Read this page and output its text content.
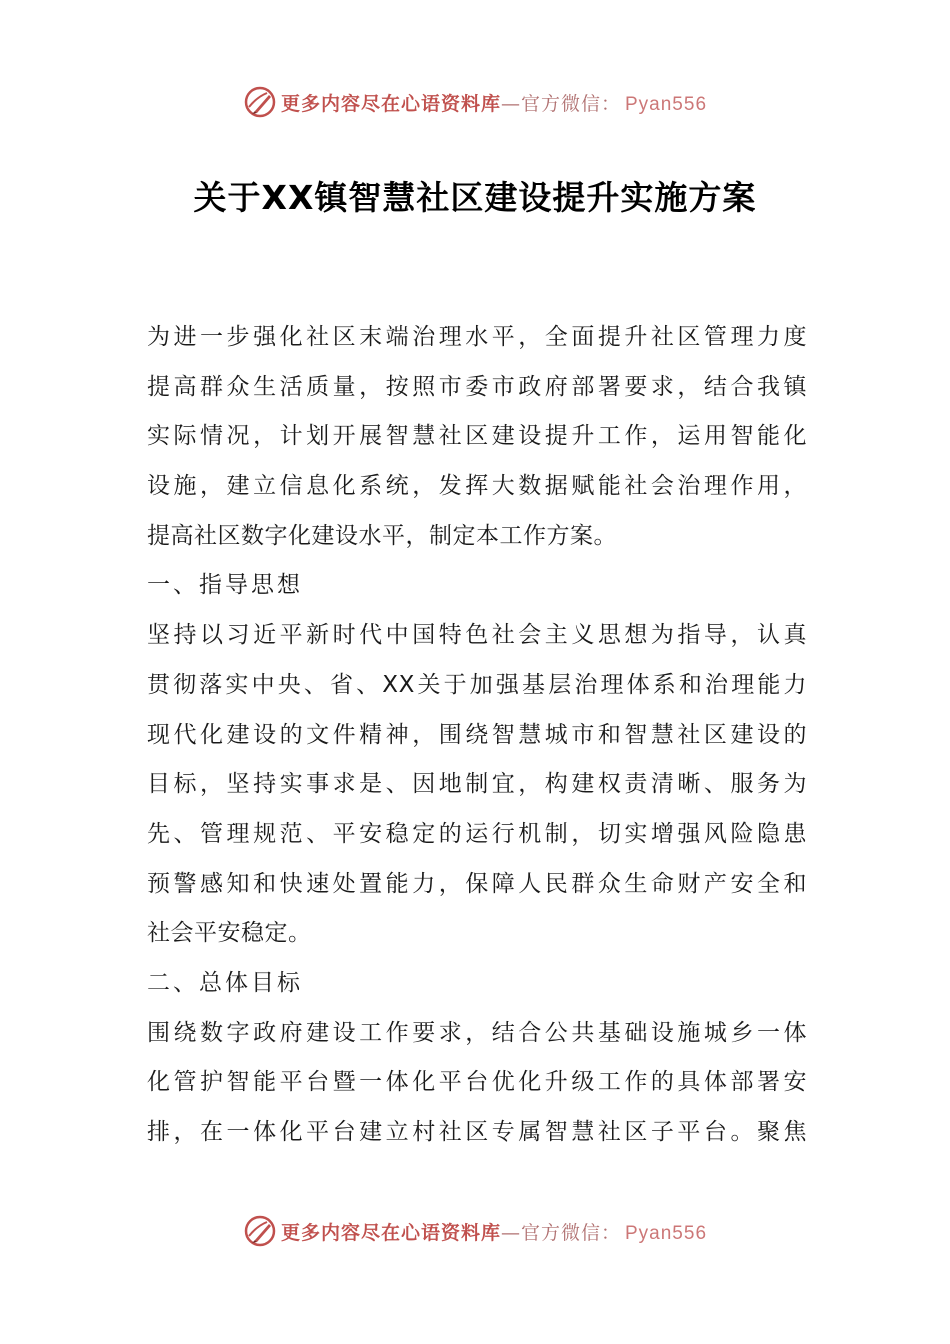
更多内容尽在心语资料库—官方微信： Pyan556
关于XX镇智慧社区建设提升实施方案
为进一步强化社区末端治理水平，全面提升社区管理力度
提高群众生活质量，按照市委市政府部署要求，结合我镇
实际情况，计划开展智慧社区建设提升工作，运用智能化
设施，建立信息化系统，发挥大数据赋能社会治理作用，
提高社区数字化建设水平，制定本工作方案。
一、指导思想
坚持以习近平新时代中国特色社会主义思想为指导，认真
贯彻落实中央、省、XX关于加强基层治理体系和治理能力
现代化建设的文件精神，围绕智慧城市和智慧社区建设的
目标，坚持实事求是、因地制宜，构建权责清晰、服务为
先、管理规范、平安稳定的运行机制，切实增强风险隐患
预警感知和快速处置能力，保障人民群众生命财产安全和
社会平安稳定。
二、总体目标
围绕数字政府建设工作要求，结合公共基础设施城乡一体
化管护智能平台暨一体化平台优化升级工作的具体部署安
排，在一体化平台建立村社区专属智慧社区子平台。聚焦
更多内容尽在心语资料库—官方微信： Pyan556
